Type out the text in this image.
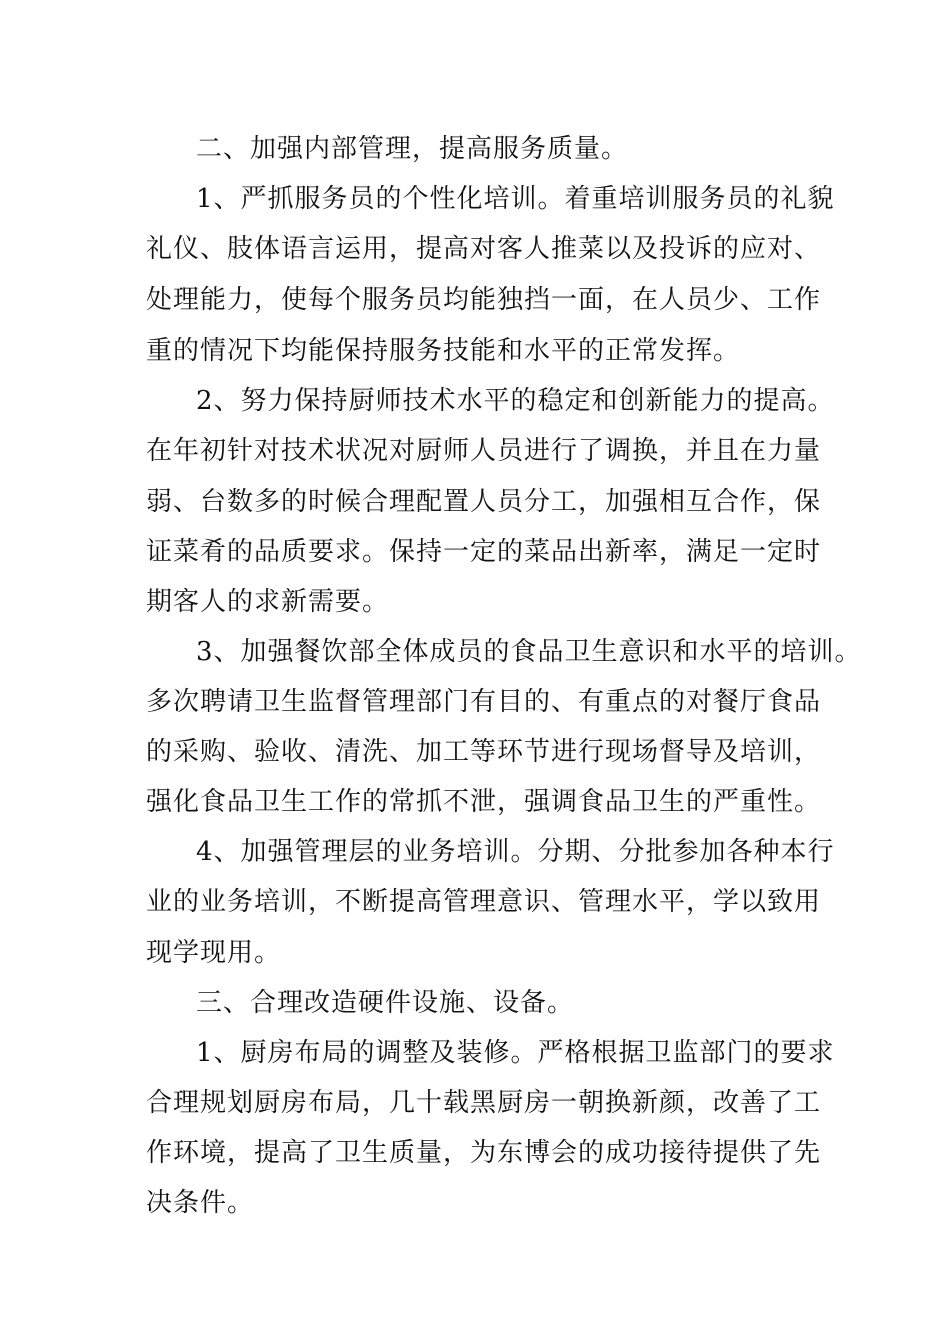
二、加强内部管理，提高服务质量。

1、严抓服务员的个性化培训。着重培训服务员的礼貌

礼仪、肢体语言运用，提高对客人推菜以及投诉的应对、

处理能力，使每个服务员均能独挡一面，在人员少、工作

重的情况下均能保持服务技能和水平的正常发挥。

2、努力保持厨师技术水平的稳定和创新能力的提高。

在年初针对技术状况对厨师人员进行了调换，并且在力量

弱、台数多的时候合理配置人员分工，加强相互合作，保

证菜肴的品质要求。保持一定的菜品出新率，满足一定时

期客人的求新需要。

3、加强餐饮部全体成员的食品卫生意识和水平的培训。

多次聘请卫生监督管理部门有目的、有重点的对餐厅食品

的采购、验收、清洗、加工等环节进行现场督导及培训，

强化食品卫生工作的常抓不泄，强调食品卫生的严重性。

4、加强管理层的业务培训。分期、分批参加各种本行

业的业务培训，不断提高管理意识、管理水平，学以致用

现学现用。

三、合理改造硬件设施、设备。

1、厨房布局的调整及装修。严格根据卫监部门的要求

合理规划厨房布局，几十载黑厨房一朝换新颜，改善了工

作环境，提高了卫生质量，为东博会的成功接待提供了先

决条件。
